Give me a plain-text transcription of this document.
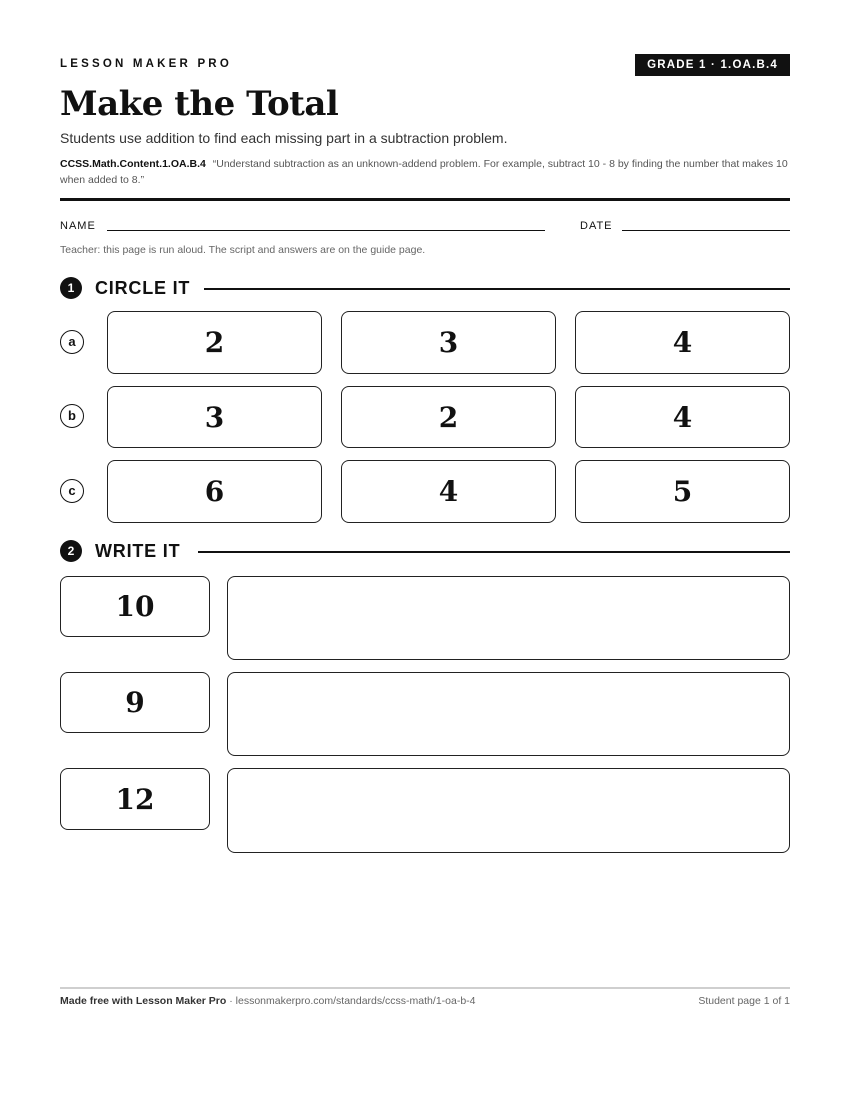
LESSON MAKER PRO	GRADE 1 · 1.OA.B.4
Make the Total
Students use addition to find each missing part in a subtraction problem.
CCSS.Math.Content.1.OA.B.4 “Understand subtraction as an unknown-addend problem. For example, subtract 10 - 8 by finding the number that makes 10 when added to 8.”
NAME	DATE
Teacher: this page is run aloud. The script and answers are on the guide page.
1	CIRCLE IT
a	2	3	4
b	3	2	4
c	6	4	5
2	WRITE IT
10
9
12
Made free with Lesson Maker Pro · lessonmakerpro.com/standards/ccss-math/1-oa-b-4	Student page 1 of 1
